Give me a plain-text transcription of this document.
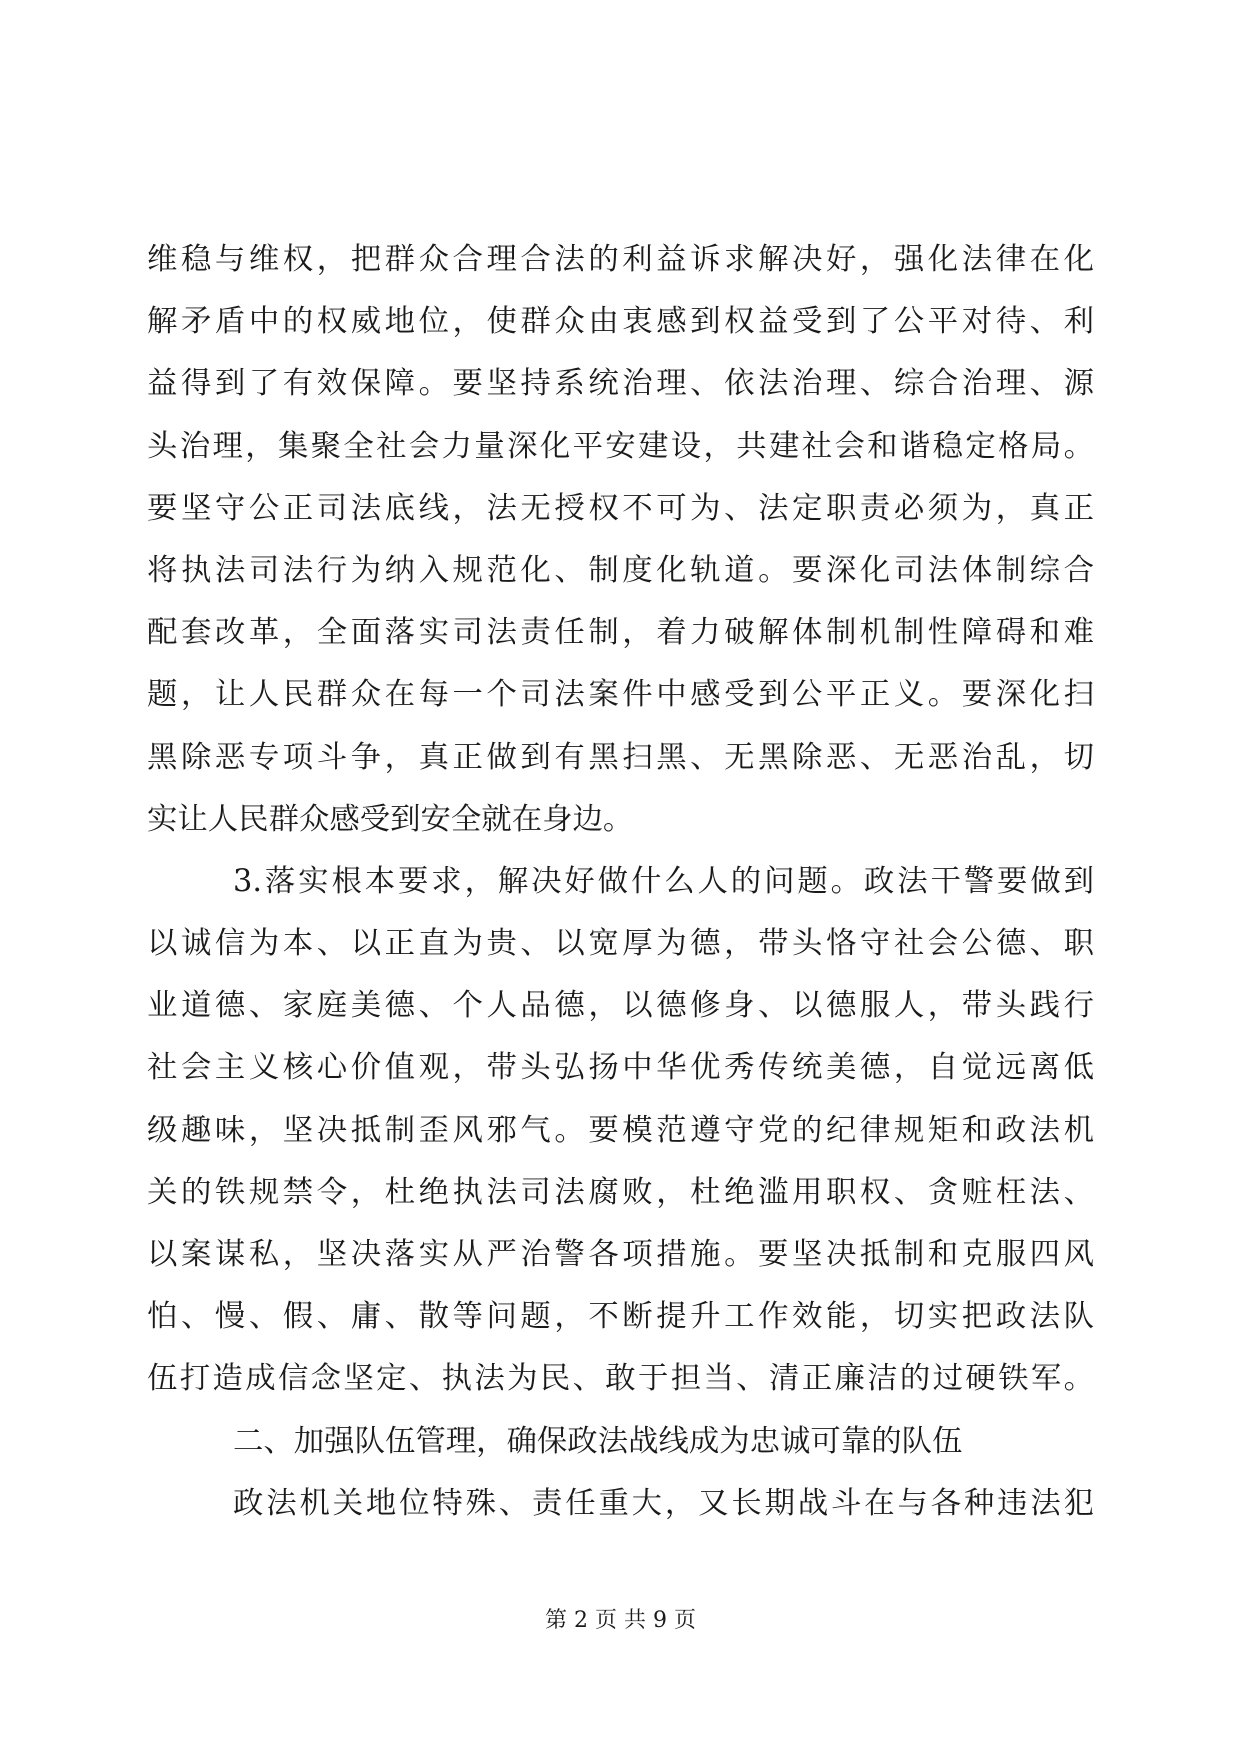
维稳与维权，把群众合理合法的利益诉求解决好，强化法律在化
解矛盾中的权威地位，使群众由衷感到权益受到了公平对待、利
益得到了有效保障。要坚持系统治理、依法治理、综合治理、源
头治理，集聚全社会力量深化平安建设，共建社会和谐稳定格局。
要坚守公正司法底线，法无授权不可为、法定职责必须为，真正
将执法司法行为纳入规范化、制度化轨道。要深化司法体制综合
配套改革，全面落实司法责任制，着力破解体制机制性障碍和难
题，让人民群众在每一个司法案件中感受到公平正义。要深化扫
黑除恶专项斗争，真正做到有黑扫黑、无黑除恶、无恶治乱，切
实让人民群众感受到安全就在身边。
3.落实根本要求，解决好做什么人的问题。政法干警要做到
以诚信为本、以正直为贵、以宽厚为德，带头恪守社会公德、职
业道德、家庭美德、个人品德，以德修身、以德服人，带头践行
社会主义核心价值观，带头弘扬中华优秀传统美德，自觉远离低
级趣味，坚决抵制歪风邪气。要模范遵守党的纪律规矩和政法机
关的铁规禁令，杜绝执法司法腐败，杜绝滥用职权、贪赃枉法、
以案谋私，坚决落实从严治警各项措施。要坚决抵制和克服四风
怕、慢、假、庸、散等问题，不断提升工作效能，切实把政法队
伍打造成信念坚定、执法为民、敢于担当、清正廉洁的过硬铁军。
二、加强队伍管理，确保政法战线成为忠诚可靠的队伍
政法机关地位特殊、责任重大，又长期战斗在与各种违法犯
第 2 页 共 9 页
